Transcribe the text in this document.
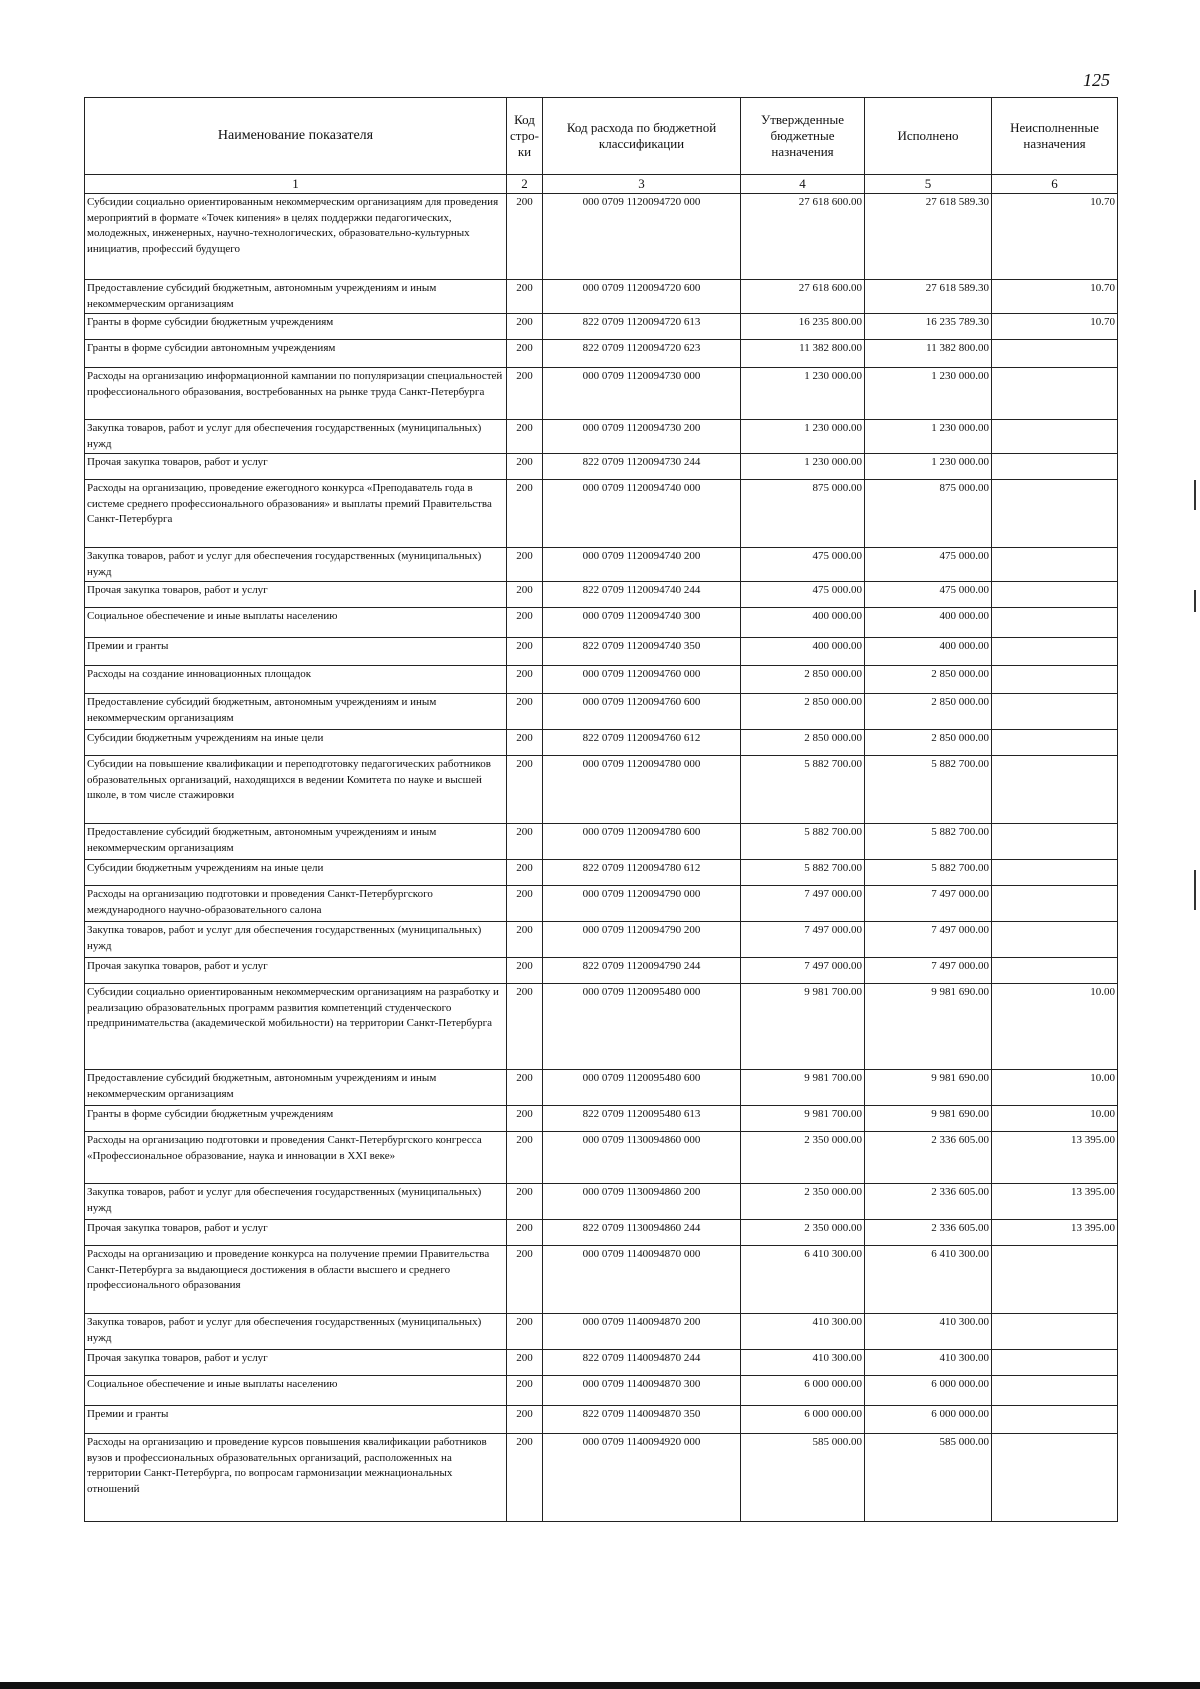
125
Наименование показателя	Код стро-ки	Код расхода по бюджетной классификации	Утвержденные бюджетные назначения	Исполнено	Неисполненные назначения
1	2	3	4	5	6
Субсидии социально ориентированным некоммерческим организациям для проведения мероприятий в формате «Точек кипения» в целях поддержки педагогических, молодежных, инженерных, научно-технологических, образовательно-культурных инициатив, профессий будущего	200	000 0709 1120094720 000	27 618 600.00	27 618 589.30	10.70
Предоставление субсидий бюджетным, автономным учреждениям и иным некоммерческим организациям	200	000 0709 1120094720 600	27 618 600.00	27 618 589.30	10.70
Гранты в форме субсидии бюджетным учреждениям	200	822 0709 1120094720 613	16 235 800.00	16 235 789.30	10.70
Гранты в форме субсидии автономным учреждениям	200	822 0709 1120094720 623	11 382 800.00	11 382 800.00	
Расходы на организацию информационной кампании по популяризации специальностей профессионального образования, востребованных на рынке труда Санкт-Петербурга	200	000 0709 1120094730 000	1 230 000.00	1 230 000.00	
Закупка товаров, работ и услуг для обеспечения государственных (муниципальных) нужд	200	000 0709 1120094730 200	1 230 000.00	1 230 000.00	
Прочая закупка товаров, работ и услуг	200	822 0709 1120094730 244	1 230 000.00	1 230 000.00	
Расходы на организацию, проведение ежегодного конкурса «Преподаватель года в системе среднего профессионального образования» и выплаты премий Правительства Санкт-Петербурга	200	000 0709 1120094740 000	875 000.00	875 000.00	
Закупка товаров, работ и услуг для обеспечения государственных (муниципальных) нужд	200	000 0709 1120094740 200	475 000.00	475 000.00	
Прочая закупка товаров, работ и услуг	200	822 0709 1120094740 244	475 000.00	475 000.00	
Социальное обеспечение и иные выплаты населению	200	000 0709 1120094740 300	400 000.00	400 000.00	
Премии и гранты	200	822 0709 1120094740 350	400 000.00	400 000.00	
Расходы на создание инновационных площадок	200	000 0709 1120094760 000	2 850 000.00	2 850 000.00	
Предоставление субсидий бюджетным, автономным учреждениям и иным некоммерческим организациям	200	000 0709 1120094760 600	2 850 000.00	2 850 000.00	
Субсидии бюджетным учреждениям на иные цели	200	822 0709 1120094760 612	2 850 000.00	2 850 000.00	
Субсидии на повышение квалификации и переподготовку педагогических работников образовательных организаций, находящихся в ведении Комитета по науке и высшей школе, в том числе стажировки	200	000 0709 1120094780 000	5 882 700.00	5 882 700.00	
Предоставление субсидий бюджетным, автономным учреждениям и иным некоммерческим организациям	200	000 0709 1120094780 600	5 882 700.00	5 882 700.00	
Субсидии бюджетным учреждениям на иные цели	200	822 0709 1120094780 612	5 882 700.00	5 882 700.00	
Расходы на организацию подготовки и проведения Санкт-Петербургского международного научно-образовательного салона	200	000 0709 1120094790 000	7 497 000.00	7 497 000.00	
Закупка товаров, работ и услуг для обеспечения государственных (муниципальных) нужд	200	000 0709 1120094790 200	7 497 000.00	7 497 000.00	
Прочая закупка товаров, работ и услуг	200	822 0709 1120094790 244	7 497 000.00	7 497 000.00	
Субсидии социально ориентированным некоммерческим организациям на разработку и реализацию образовательных программ развития компетенций студенческого предпринимательства (академической мобильности) на территории Санкт-Петербурга	200	000 0709 1120095480 000	9 981 700.00	9 981 690.00	10.00
Предоставление субсидий бюджетным, автономным учреждениям и иным некоммерческим организациям	200	000 0709 1120095480 600	9 981 700.00	9 981 690.00	10.00
Гранты в форме субсидии бюджетным учреждениям	200	822 0709 1120095480 613	9 981 700.00	9 981 690.00	10.00
Расходы на организацию подготовки и проведения Санкт-Петербургского конгресса «Профессиональное образование, наука и инновации в XXI веке»	200	000 0709 1130094860 000	2 350 000.00	2 336 605.00	13 395.00
Закупка товаров, работ и услуг для обеспечения государственных (муниципальных) нужд	200	000 0709 1130094860 200	2 350 000.00	2 336 605.00	13 395.00
Прочая закупка товаров, работ и услуг	200	822 0709 1130094860 244	2 350 000.00	2 336 605.00	13 395.00
Расходы на организацию и проведение конкурса на получение премии Правительства Санкт-Петербурга за выдающиеся достижения в области высшего и среднего профессионального образования	200	000 0709 1140094870 000	6 410 300.00	6 410 300.00	
Закупка товаров, работ и услуг для обеспечения государственных (муниципальных) нужд	200	000 0709 1140094870 200	410 300.00	410 300.00	
Прочая закупка товаров, работ и услуг	200	822 0709 1140094870 244	410 300.00	410 300.00	
Социальное обеспечение и иные выплаты населению	200	000 0709 1140094870 300	6 000 000.00	6 000 000.00	
Премии и гранты	200	822 0709 1140094870 350	6 000 000.00	6 000 000.00	
Расходы на организацию и проведение курсов повышения квалификации работников вузов и профессиональных образовательных организаций, расположенных на территории Санкт-Петербурга, по вопросам гармонизации межнациональных отношений	200	000 0709 1140094920 000	585 000.00	585 000.00	
